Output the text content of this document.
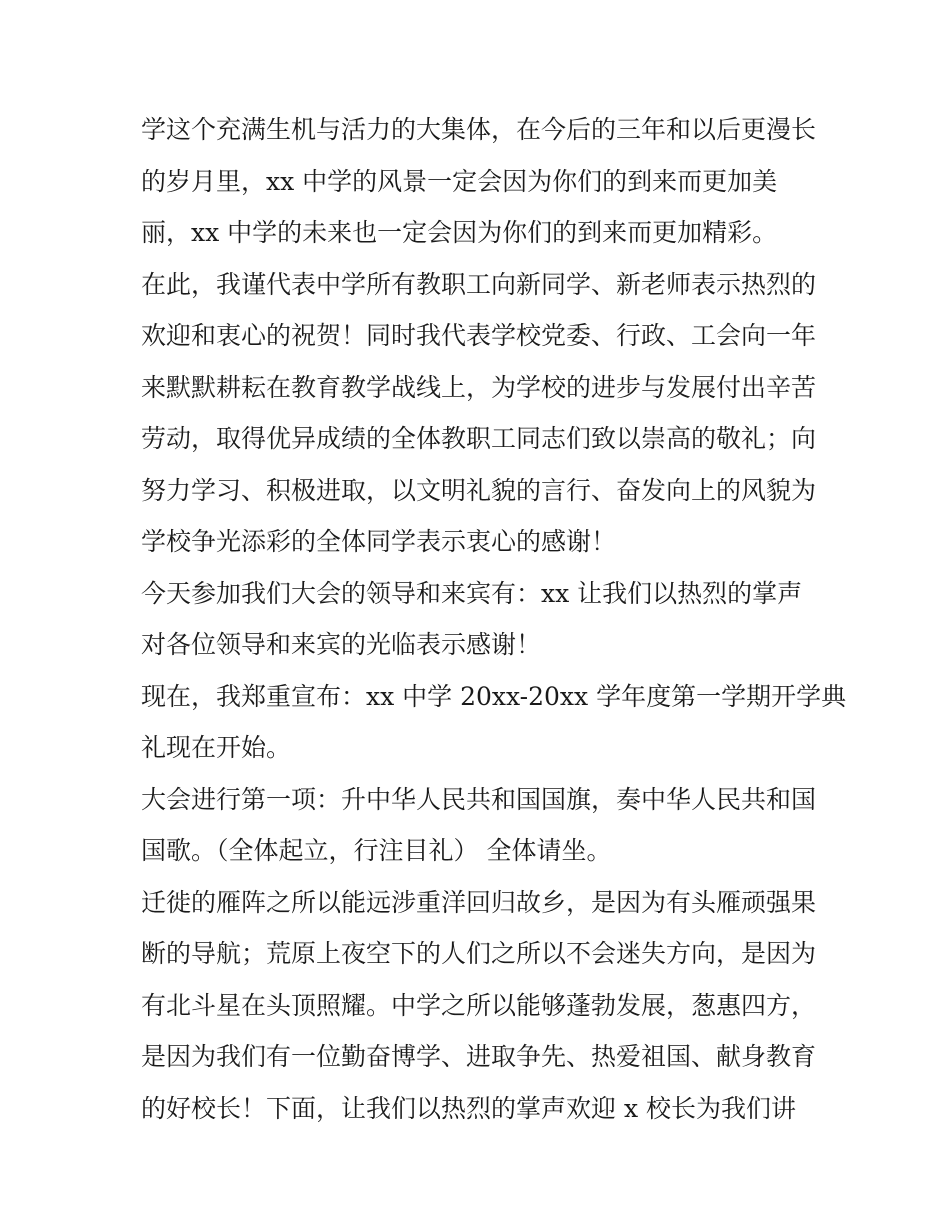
学这个充满生机与活力的大集体，在今后的三年和以后更漫长
的岁月里，xx 中学的风景一定会因为你们的到来而更加美
丽，xx 中学的未来也一定会因为你们的到来而更加精彩。
在此，我谨代表中学所有教职工向新同学、新老师表示热烈的
欢迎和衷心的祝贺！同时我代表学校党委、行政、工会向一年
来默默耕耘在教育教学战线上，为学校的进步与发展付出辛苦
劳动，取得优异成绩的全体教职工同志们致以崇高的敬礼；向
努力学习、积极进取，以文明礼貌的言行、奋发向上的风貌为
学校争光添彩的全体同学表示衷心的感谢！
今天参加我们大会的领导和来宾有：xx 让我们以热烈的掌声
对各位领导和来宾的光临表示感谢！
现在，我郑重宣布：xx 中学 20xx-20xx 学年度第一学期开学典
礼现在开始。
大会进行第一项：升中华人民共和国国旗，奏中华人民共和国
国歌。（全体起立，行注目礼） 全体请坐。
迁徙的雁阵之所以能远涉重洋回归故乡，是因为有头雁顽强果
断的导航；荒原上夜空下的人们之所以不会迷失方向，是因为
有北斗星在头顶照耀。中学之所以能够蓬勃发展，葱惠四方，
是因为我们有一位勤奋博学、进取争先、热爱祖国、献身教育
的好校长！下面，让我们以热烈的掌声欢迎 x 校长为我们讲
